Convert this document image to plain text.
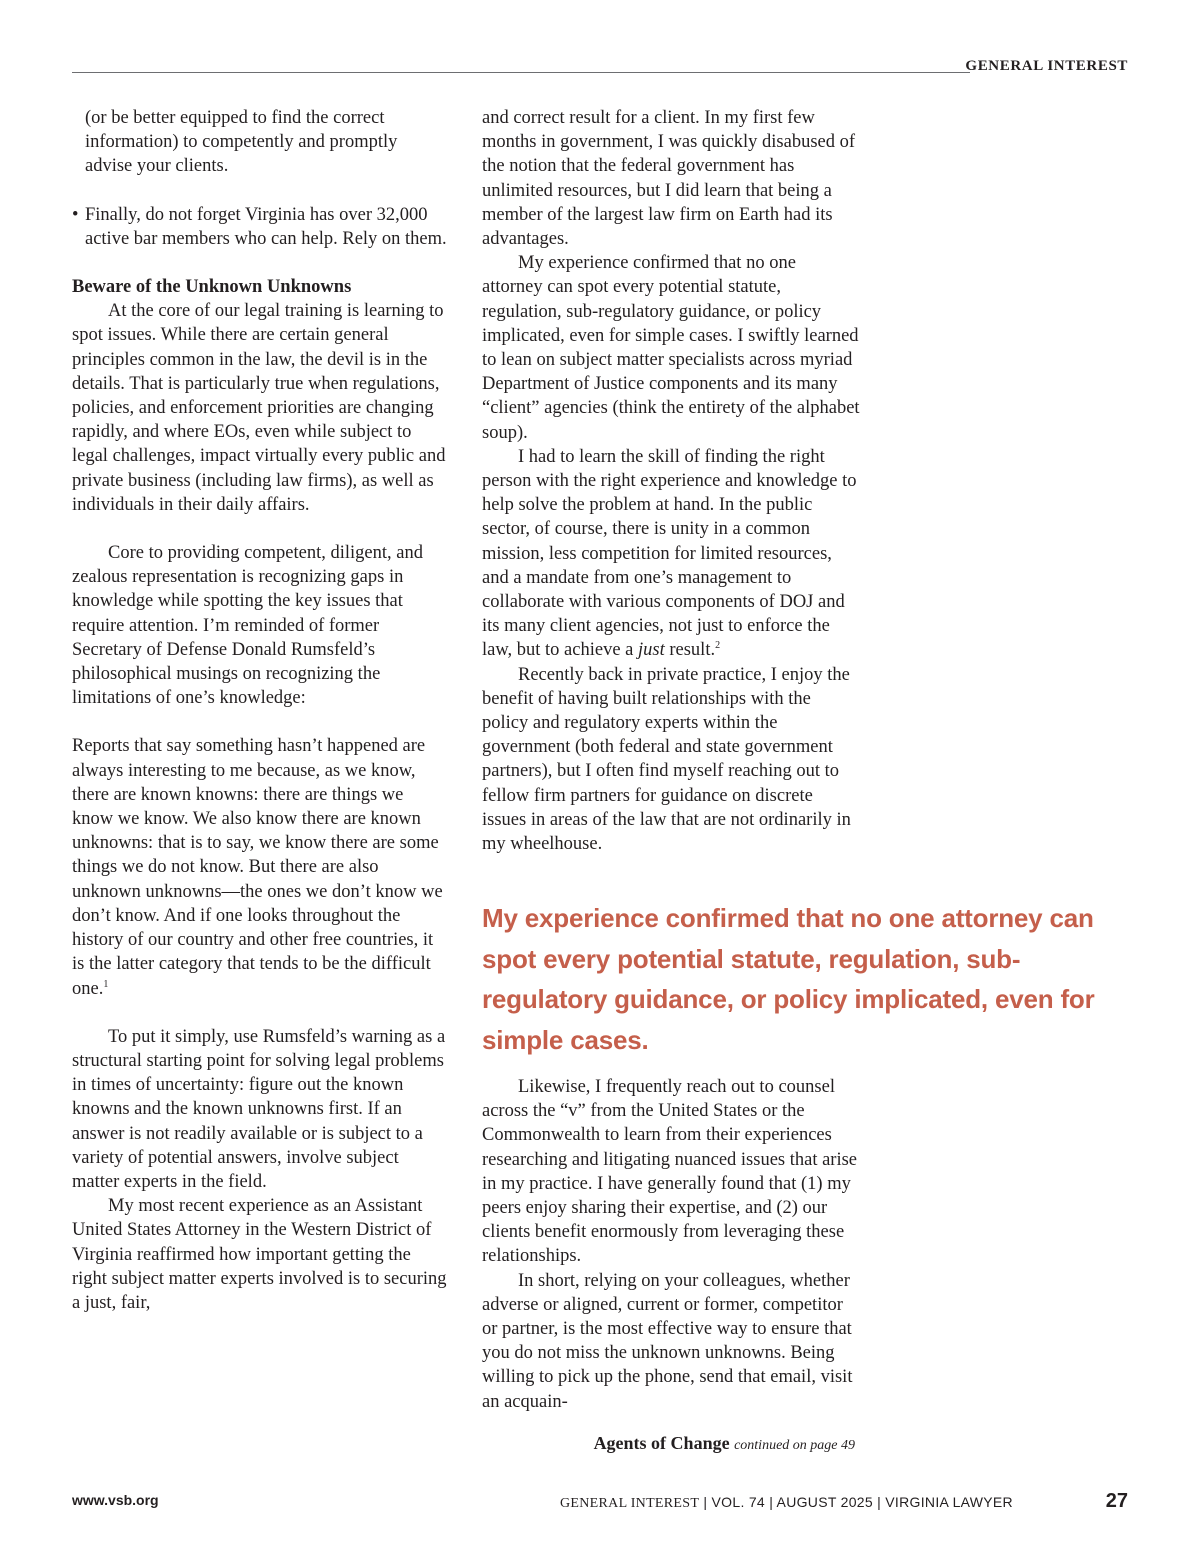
GENERAL INTEREST

(or be better equipped to find the correct information) to competently and promptly advise your clients.

• Finally, do not forget Virginia has over 32,000 active bar members who can help. Rely on them.

Beware of the Unknown Unknowns

At the core of our legal training is learning to spot issues. While there are certain general principles common in the law, the devil is in the details. That is particularly true when regulations, policies, and enforcement priorities are changing rapidly, and where EOs, even while subject to legal challenges, impact virtually every public and private business (including law firms), as well as individuals in their daily affairs.

Core to providing competent, diligent, and zealous representation is recognizing gaps in knowledge while spotting the key issues that require attention. I’m reminded of former Secretary of Defense Donald Rumsfeld’s philosophical musings on recognizing the limitations of one’s knowledge:

Reports that say something hasn’t happened are always interesting to me because, as we know, there are known knowns: there are things we know we know. We also know there are known unknowns: that is to say, we know there are some things we do not know. But there are also unknown unknowns—the ones we don’t know we don’t know. And if one looks throughout the history of our country and other free countries, it is the latter category that tends to be the difficult one.$^1$

To put it simply, use Rumsfeld’s warning as a structural starting point for solving legal problems in times of uncertainty: figure out the known knowns and the known unknowns first. If an answer is not readily available or is subject to a variety of potential answers, involve subject matter experts in the field.

My most recent experience as an Assistant United States Attorney in the Western District of Virginia reaffirmed how important getting the right subject matter experts involved is to securing a just, fair,

and correct result for a client. In my first few months in government, I was quickly disabused of the notion that the federal government has unlimited resources, but I did learn that being a member of the largest law firm on Earth had its advantages.

My experience confirmed that no one attorney can spot every potential statute, regulation, sub-regulatory guidance, or policy implicated, even for simple cases. I swiftly learned to lean on subject matter specialists across myriad Department of Justice components and its many “client” agencies (think the entirety of the alphabet soup).

I had to learn the skill of finding the right person with the right experience and knowledge to help solve the problem at hand. In the public sector, of course, there is unity in a common mission, less competition for limited resources, and a mandate from one’s management to collaborate with various components of DOJ and its many client agencies, not just to enforce the law, but to achieve a just result.$^2$

Recently back in private practice, I enjoy the benefit of having built relationships with the policy and regulatory experts within the government (both federal and state government partners), but I often find myself reaching out to fellow firm partners for guidance on discrete issues in areas of the law that are not ordinarily in my wheelhouse.

My experience confirmed that no one attorney can spot every potential statute, regulation, sub-regulatory guidance, or policy implicated, even for simple cases.

Likewise, I frequently reach out to counsel across the “v” from the United States or the Commonwealth to learn from their experiences researching and litigating nuanced issues that arise in my practice. I have generally found that (1) my peers enjoy sharing their expertise, and (2) our clients benefit enormously from leveraging these relationships.

In short, relying on your colleagues, whether adverse or aligned, current or former, competitor or partner, is the most effective way to ensure that you do not miss the unknown unknowns. Being willing to pick up the phone, send that email, visit an acquain-

Agents of Change continued on page 49
www.vsb.org	GENERAL INTEREST | VOL. 74 | AUGUST 2025 | VIRGINIA LAWYER	27
